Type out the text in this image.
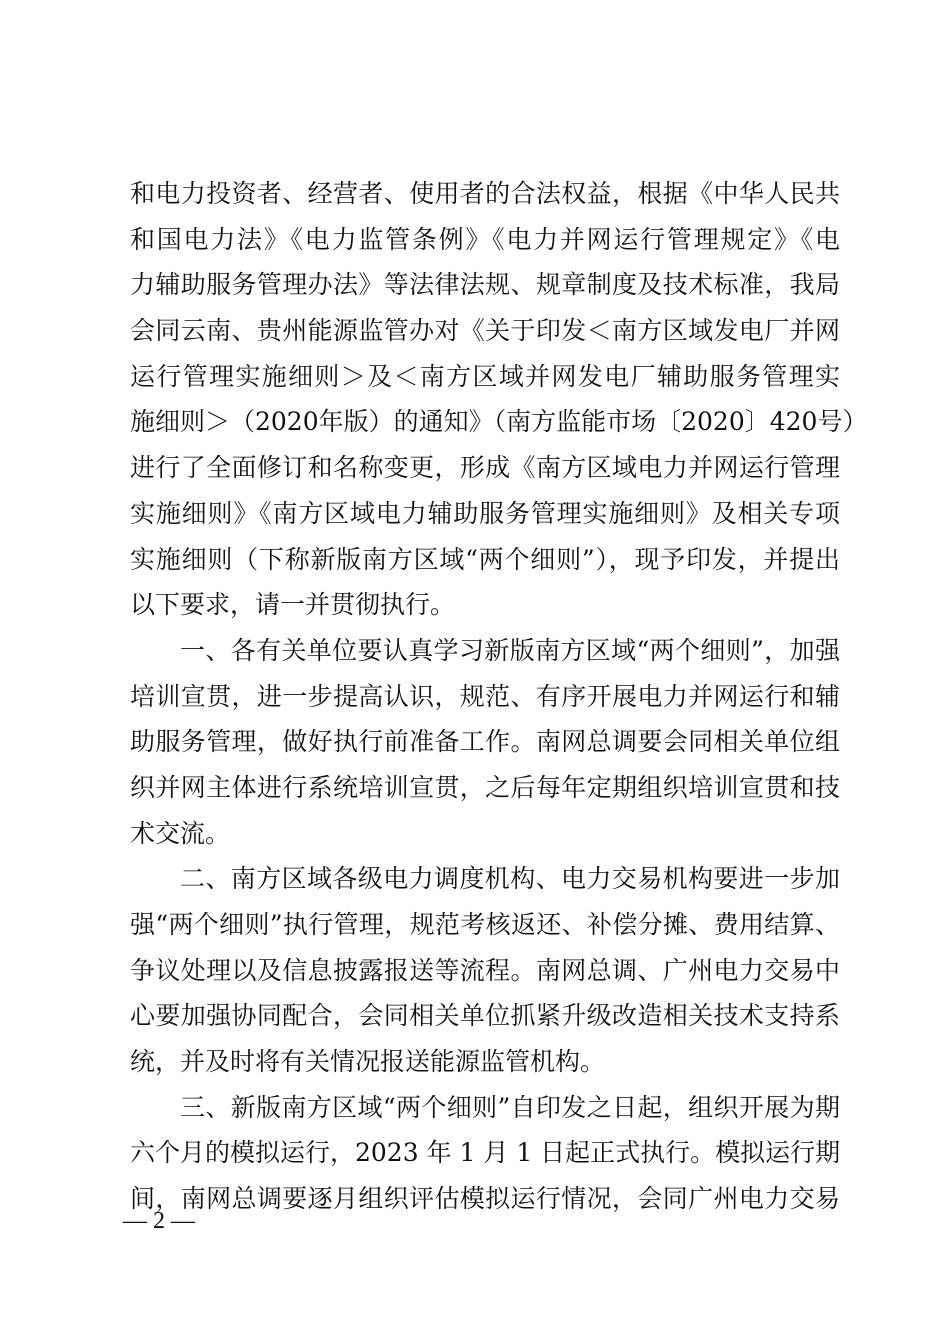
和电力投资者、经营者、使用者的合法权益，根据《中华人民共
和国电力法》《电力监管条例》《电力并网运行管理规定》《电
力辅助服务管理办法》等法律法规、规章制度及技术标准，我局
会同云南、贵州能源监管办对《关于印发＜南方区域发电厂并网
运行管理实施细则＞及＜南方区域并网发电厂辅助服务管理实
施细则＞（2020年版）的通知》（南方监能市场〔2020〕420号）
进行了全面修订和名称变更，形成《南方区域电力并网运行管理
实施细则》《南方区域电力辅助服务管理实施细则》及相关专项
实施细则（下称新版南方区域“两个细则”），现予印发，并提出
以下要求，请一并贯彻执行。
一、各有关单位要认真学习新版南方区域“两个细则”，加强
培训宣贯，进一步提高认识，规范、有序开展电力并网运行和辅
助服务管理，做好执行前准备工作。南网总调要会同相关单位组
织并网主体进行系统培训宣贯，之后每年定期组织培训宣贯和技
术交流。
二、南方区域各级电力调度机构、电力交易机构要进一步加
强“两个细则”执行管理，规范考核返还、补偿分摊、费用结算、
争议处理以及信息披露报送等流程。南网总调、广州电力交易中
心要加强协同配合，会同相关单位抓紧升级改造相关技术支持系
统，并及时将有关情况报送能源监管机构。
三、新版南方区域“两个细则”自印发之日起，组织开展为期
六个月的模拟运行，2023 年 1 月 1 日起正式执行。模拟运行期
间，南网总调要逐月组织评估模拟运行情况，会同广州电力交易
— 2 —
